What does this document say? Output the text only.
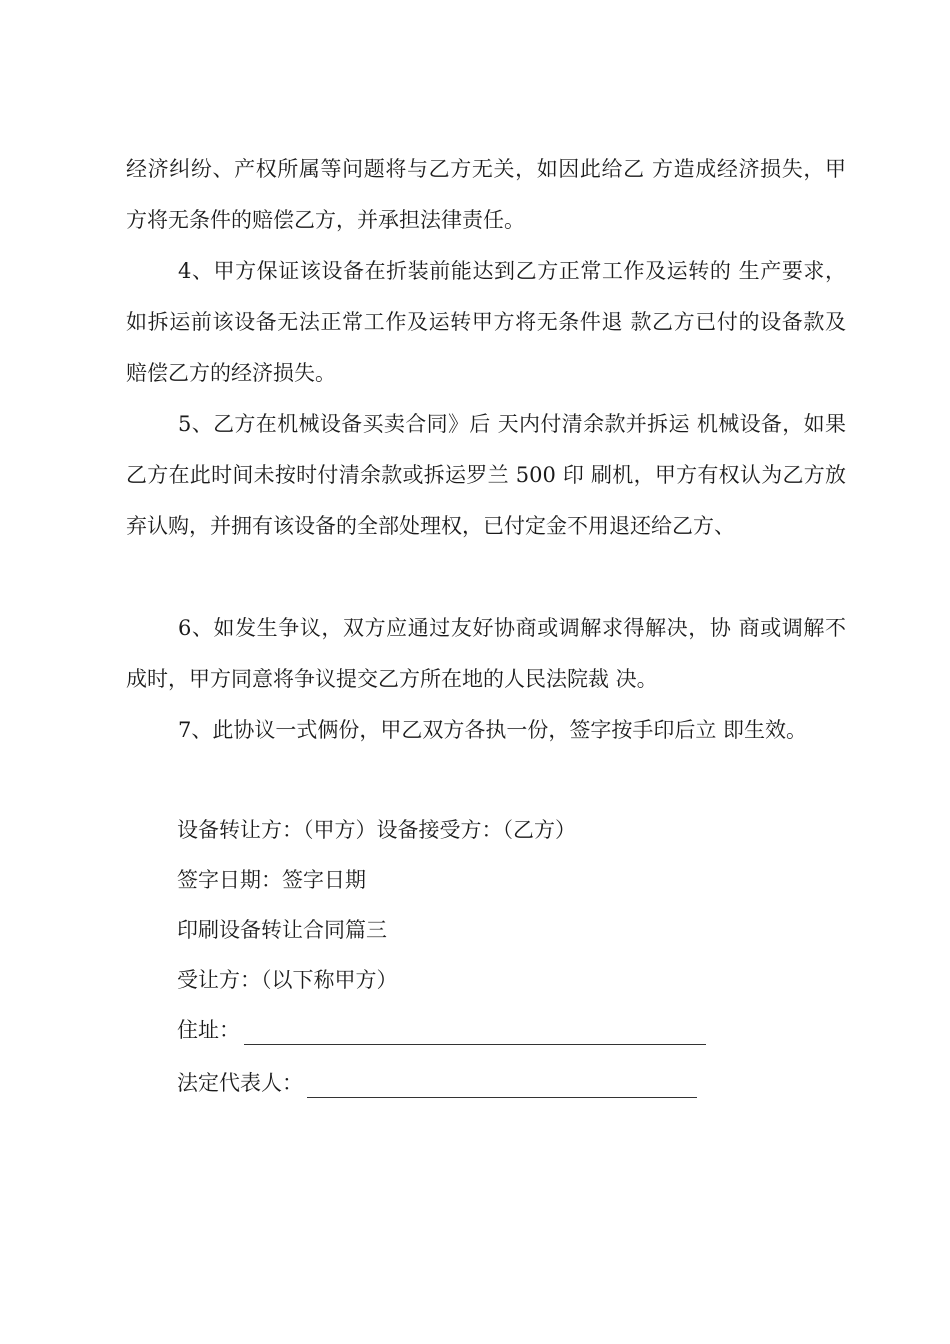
经济纠纷、产权所属等问题将与乙方无关，如因此给乙 方造成经济损失，甲方将无条件的赔偿乙方，并承担法律责任。

4、甲方保证该设备在折装前能达到乙方正常工作及运转的 生产要求，如拆运前该设备无法正常工作及运转甲方将无条件退 款乙方已付的设备款及赔偿乙方的经济损失。

5、乙方在机械设备买卖合同》后 天内付清余款并拆运 机械设备，如果乙方在此时间未按时付清余款或拆运罗兰 500 印 刷机，甲方有权认为乙方放弃认购，并拥有该设备的全部处理权，已付定金不用退还给乙方、

6、如发生争议，双方应通过友好协商或调解求得解决，协 商或调解不成时，甲方同意将争议提交乙方所在地的人民法院裁 决。

7、此协议一式俩份，甲乙双方各执一份，签字按手印后立 即生效。

设备转让方：（甲方）设备接受方：（乙方）

签字日期：签字日期

印刷设备转让合同篇三

受让方：（以下称甲方）

住址：

法定代表人：
